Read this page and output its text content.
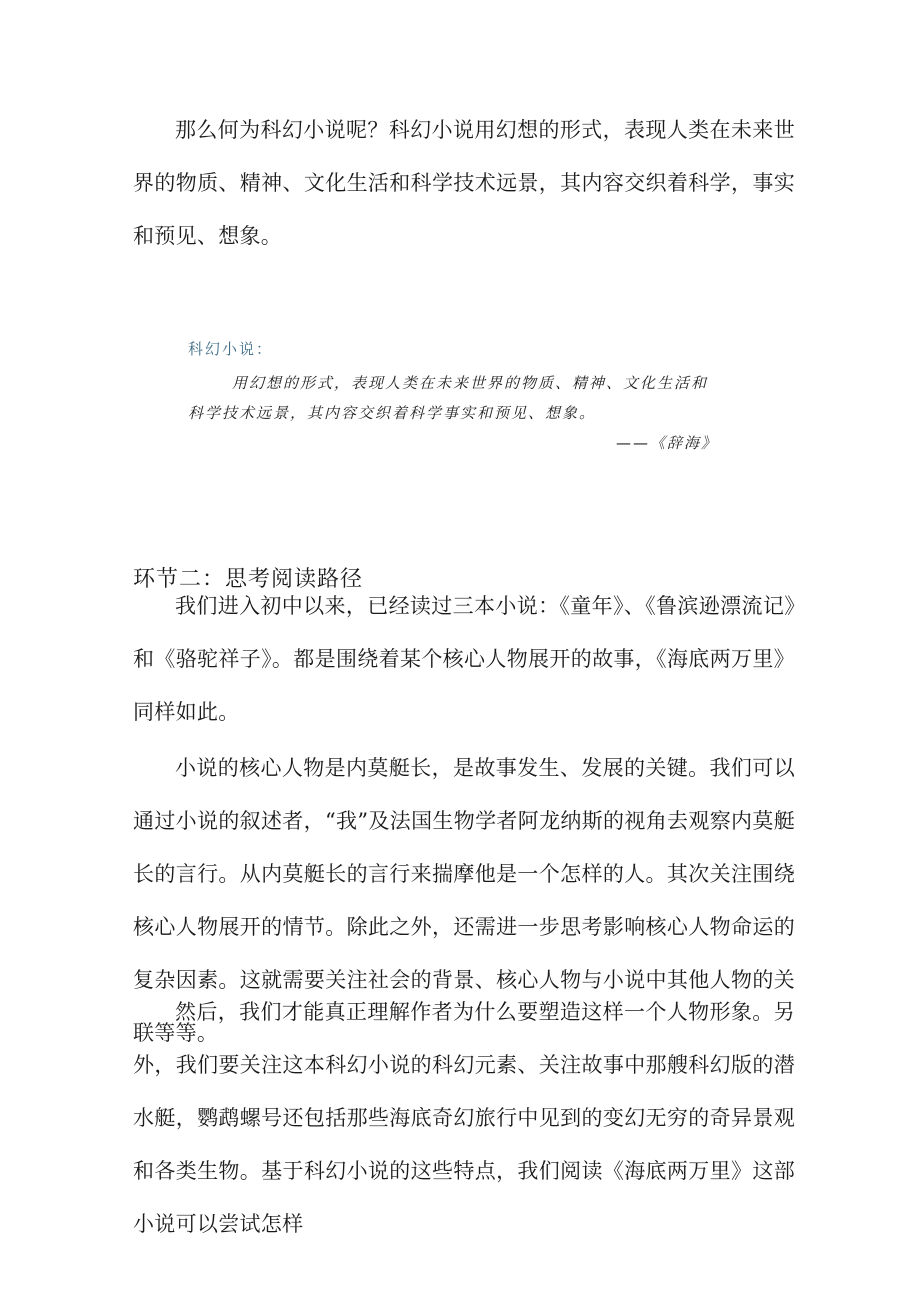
那么何为科幻小说呢？科幻小说用幻想的形式，表现人类在未来世界的物质、精神、文化生活和科学技术远景，其内容交织着科学，事实和预见、想象。

科幻小说：
用幻想的形式，表现人类在未来世界的物质、精神、文化生活和科学技术远景，其内容交织着科学事实和预见、想象。
——《辞海》
环节二：思考阅读路径

我们进入初中以来，已经读过三本小说：《童年》、《鲁滨逊漂流记》和《骆驼祥子》。都是围绕着某个核心人物展开的故事，《海底两万里》同样如此。

小说的核心人物是内莫艇长，是故事发生、发展的关键。我们可以通过小说的叙述者，“我”及法国生物学者阿龙纳斯的视角去观察内莫艇长的言行。从内莫艇长的言行来揣摩他是一个怎样的人。其次关注围绕核心人物展开的情节。除此之外，还需进一步思考影响核心人物命运的复杂因素。这就需要关注社会的背景、核心人物与小说中其他人物的关联等等。

然后，我们才能真正理解作者为什么要塑造这样一个人物形象。另外，我们要关注这本科幻小说的科幻元素、关注故事中那艘科幻版的潜水艇，鹦鹉螺号还包括那些海底奇幻旅行中见到的变幻无穷的奇异景观和各类生物。基于科幻小说的这些特点，我们阅读《海底两万里》这部小说可以尝试怎样
